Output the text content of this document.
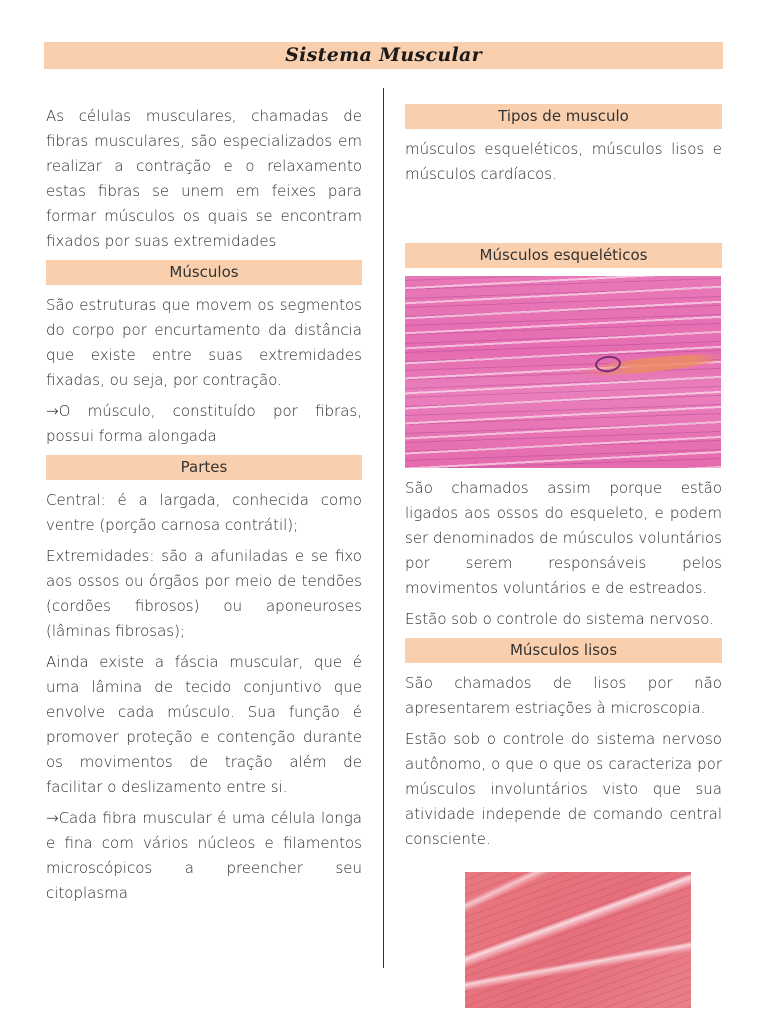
Sistema Muscular

As células musculares, chamadas de fibras musculares, são especializados em realizar a contração e o relaxamento estas fibras se unem em feixes para formar músculos os quais se encontram fixados por suas extremidades

Músculos

São estruturas que movem os segmentos do corpo por encurtamento da distância que existe entre suas extremidades fixadas, ou seja, por contração.

→O músculo, constituído por fibras, possui forma alongada

Partes

Central: é a largada, conhecida como ventre (porção carnosa contrátil);

Extremidades: são a afuniladas e se fixo aos ossos ou órgãos por meio de tendões (cordões fibrosos) ou aponeuroses (lâminas fibrosas);

Ainda existe a fáscia muscular, que é uma lâmina de tecido conjuntivo que envolve cada músculo. Sua função é promover proteção e contenção durante os movimentos de tração além de facilitar o deslizamento entre si.

→Cada fibra muscular é uma célula longa e fina com vários núcleos e filamentos microscópicos a preencher seu citoplasma

Tipos de musculo

músculos esqueléticos, músculos lisos e músculos cardíacos.

Músculos esqueléticos

São chamados assim porque estão ligados aos ossos do esqueleto, e podem ser denominados de músculos voluntários por serem responsáveis pelos movimentos voluntários e de estreados.

Estão sob o controle do sistema nervoso.

Músculos lisos

São chamados de lisos por não apresentarem estriações à microscopia.

Estão sob o controle do sistema nervoso autônomo, o que o que os caracteriza por músculos involuntários visto que sua atividade independe de comando central consciente.
